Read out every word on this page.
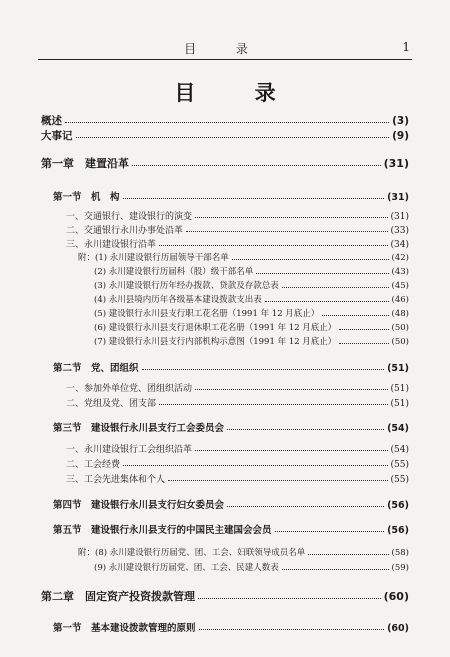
目 录	1
目 录
概述	(3)
大事记	(9)
第一章　建置沿革	(31)
第一节　机　构	(31)
一、交通银行、建设银行的演变	(31)
二、交通银行永川办事处沿革	(33)
三、永川建设银行沿革	(34)
附：(1) 永川建设银行历届领导干部名单	(42)
(2) 永川建设银行历届科（股）级干部名单	(43)
(3) 永川建设银行历年经办拨款、贷款及存款总表	(45)
(4) 永川县境内历年各级基本建设拨款支出表	(46)
(5) 建设银行永川县支行职工花名册（1991 年 12 月底止）	(48)
(6) 建设银行永川县支行退休职工花名册（1991 年 12 月底止）	(50)
(7) 建设银行永川县支行内部机构示意图（1991 年 12 月底止）	(50)
第二节　党、团组织	(51)
一、参加外单位党、团组织活动	(51)
二、党组及党、团支部	(51)
第三节　建设银行永川县支行工会委员会	(54)
一、永川建设银行工会组织沿革	(54)
二、工会经费	(55)
三、工会先进集体和个人	(55)
第四节　建设银行永川县支行妇女委员会	(56)
第五节　建设银行永川县支行的中国民主建国会会员	(56)
附：(8) 永川建设银行历届党、团、工会、妇联领导成员名单	(58)
(9) 永川建设银行历届党、团、工会、民建人数表	(59)
第二章　固定资产投资拨款管理	(60)
第一节　基本建设拨款管理的原则	(60)
